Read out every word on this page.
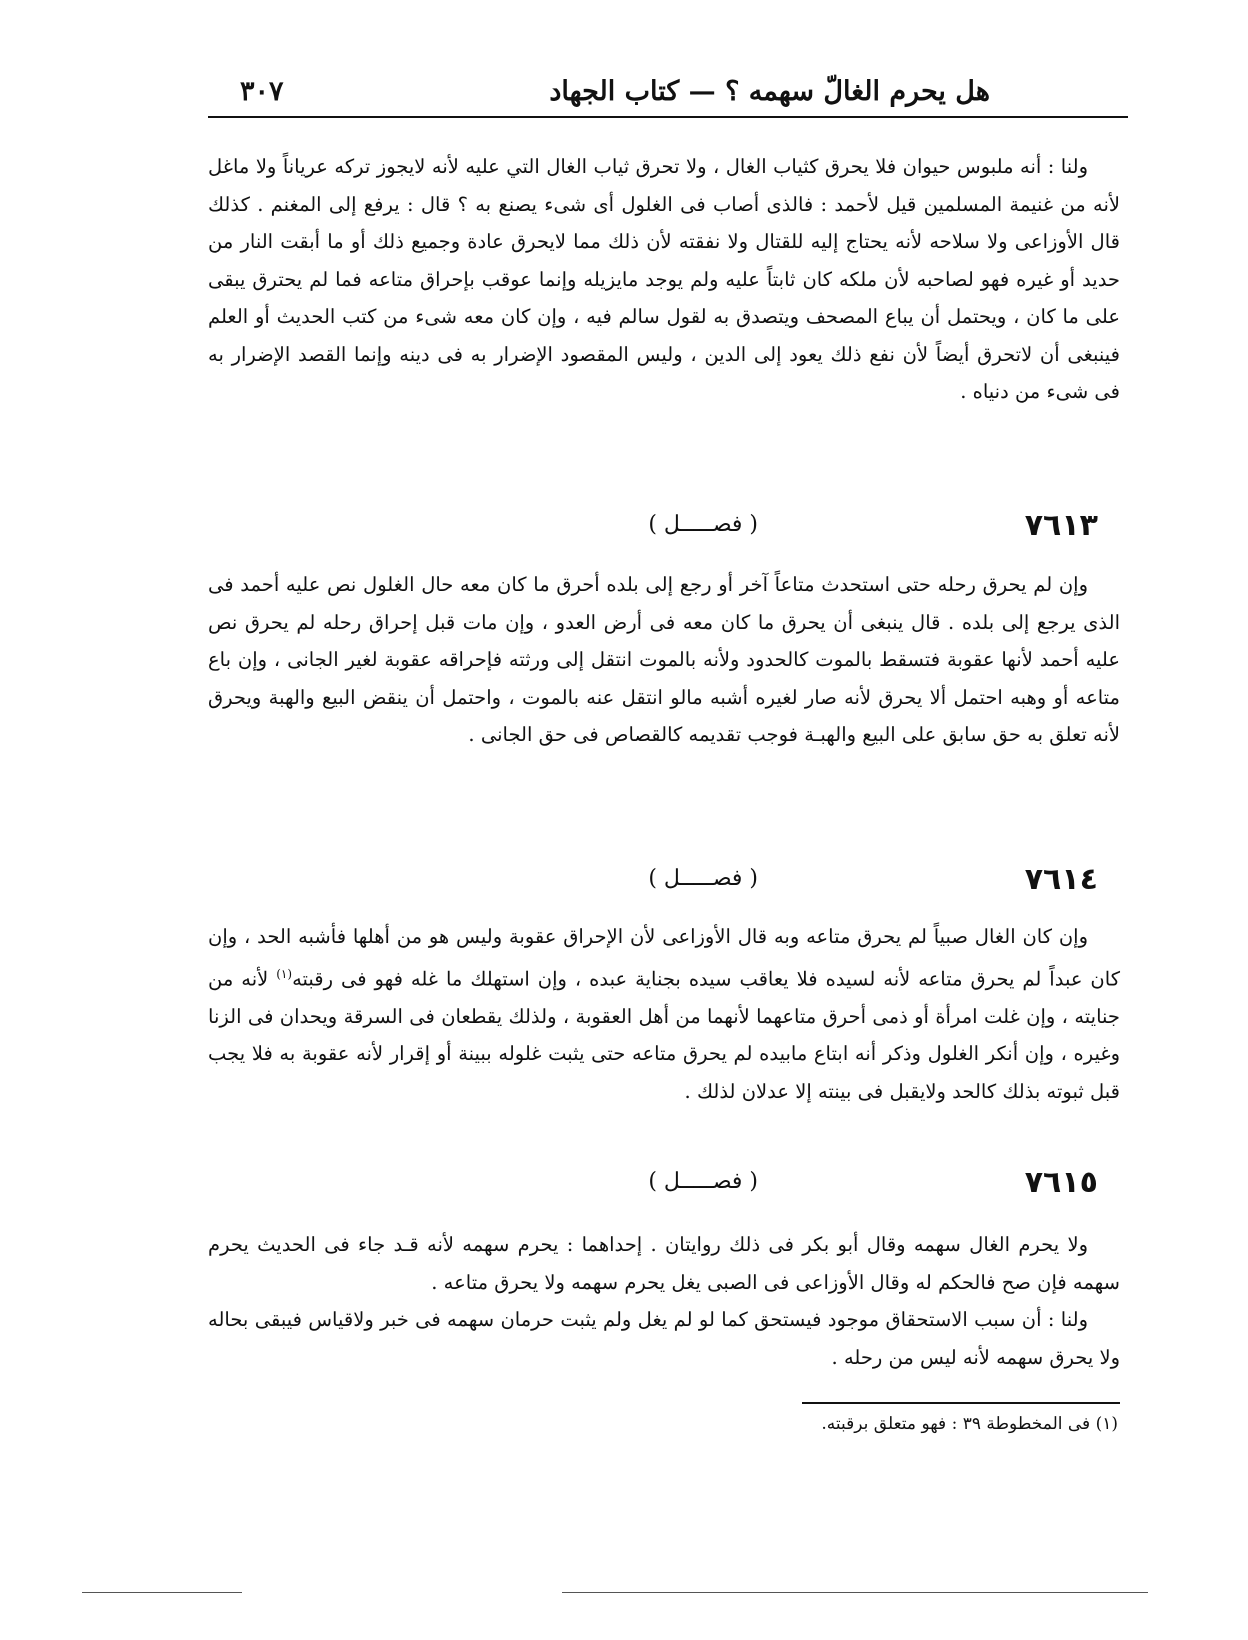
هل يحرم الغالّ سهمه ؟ — كتاب الجهاد
٣٠٧

ولنا : أنه ملبوس حيوان فلا يحرق كثياب الغال ، ولا تحرق ثياب الغال التي عليه لأنه لايجوز تركه عرياناً ولا ماغل لأنه من غنيمة المسلمين قيل لأحمد : فالذى أصاب فى الغلول أى شىء يصنع به ؟ قال : يرفع إلى المغنم . كذلك قال الأوزاعى ولا سلاحه لأنه يحتاج إليه للقتال ولا نفقته لأن ذلك مما لايحرق عادة وجميع ذلك أو ما أبقت النار من حديد أو غيره فهو لصاحبه لأن ملكه كان ثابتاً عليه ولم يوجد مايزيله وإنما عوقب بإحراق متاعه فما لم يحترق يبقى على ما كان ، ويحتمل أن يباع المصحف ويتصدق به لقول سالم فيه ، وإن كان معه شىء من كتب الحديث أو العلم فينبغى أن لاتحرق أيضاً لأن نفع ذلك يعود إلى الدين ، وليس المقصود الإضرار به فى دينه وإنما القصد الإضرار به فى شىء من دنياه .

٧٦١٣
( فصـــــل )

وإن لم يحرق رحله حتى استحدث متاعاً آخر أو رجع إلى بلده أحرق ما كان معه حال الغلول نص عليه أحمد فى الذى يرجع إلى بلده . قال ينبغى أن يحرق ما كان معه فى أرض العدو ، وإن مات قبل إحراق رحله لم يحرق نص عليه أحمد لأنها عقوبة فتسقط بالموت كالحدود ولأنه بالموت انتقل إلى ورثته فإحراقه عقوبة لغير الجانى ، وإن باع متاعه أو وهبه احتمل ألا يحرق لأنه صار لغيره أشبه مالو انتقل عنه بالموت ، واحتمل أن ينقض البيع والهبة ويحرق لأنه تعلق به حق سابق على البيع والهبـة فوجب تقديمه كالقصاص فى حق الجانى .

٧٦١٤
( فصـــــل )

وإن كان الغال صبياً لم يحرق متاعه وبه قال الأوزاعى لأن الإحراق عقوبة وليس هو من أهلها فأشبه الحد ، وإن كان عبداً لم يحرق متاعه لأنه لسيده فلا يعاقب سيده بجناية عبده ، وإن استهلك ما غله فهو فى رقبته$^{(١)}$ لأنه من جنايته ، وإن غلت امرأة أو ذمى أحرق متاعهما لأنهما من أهل العقوبة ، ولذلك يقطعان فى السرقة ويحدان فى الزنا وغيره ، وإن أنكر الغلول وذكر أنه ابتاع مابيده لم يحرق متاعه حتى يثبت غلوله ببينة أو إقرار لأنه عقوبة به فلا يجب قبل ثبوته بذلك كالحد ولايقبل فى بينته إلا عدلان لذلك .

٧٦١٥
( فصـــــل )

ولا يحرم الغال سهمه وقال أبو بكر فى ذلك روايتان . إحداهما : يحرم سهمه لأنه قـد جاء فى الحديث يحرم سهمه فإن صح فالحكم له وقال الأوزاعى فى الصبى يغل يحرم سهمه ولا يحرق متاعه .

ولنا : أن سبب الاستحقاق موجود فيستحق كما لو لم يغل ولم يثبت حرمان سهمه فى خبر ولاقياس فيبقى بحاله ولا يحرق سهمه لأنه ليس من رحله .

(١) فى المخطوطة ٣٩ : فهو متعلق برقبته.
